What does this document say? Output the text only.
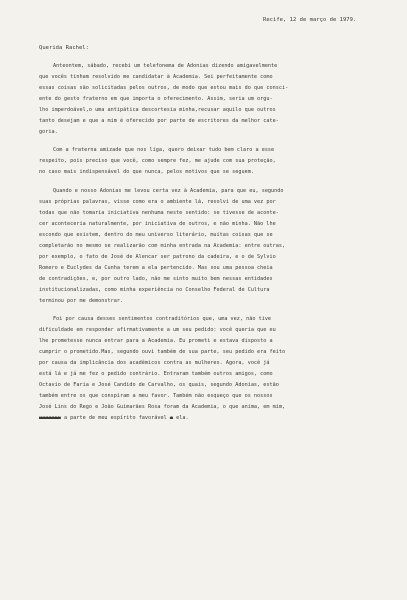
Recife, 12 de março de 1979.
Querida Rachel:
Anteontem, sábado, recebi um telefonema de Adonias dizendo amigavelmente
que vocês tinham resolvido me candidatar à Academia. Sei perfeitamente como
essas coisas são solicitadas pelos outros, de modo que estou mais do que consci-
ente do gesto fraterno em que importa o oferecimento. Assim, seria um orgu-
lho imperdoável,o uma antipática descortesia minha,recusar aquilo que outros
tanto desejam e que a mim é oferecido por parte de escritores da melhor cate-
goria.
Com a fraterna amizade que nos liga, quero deixar tudo bem claro a esse
respeito, pois preciso que você, como sempre fez, me ajude com sua proteção,
no caso mais indispensável do que nunca, pelos motivos que se seguem.
Quando e nosso Adonias me levou certa vez à Academia, para que eu, segundo
suas próprias palavras, visse como era o ambiente lá, resolvi de uma vez por
todas que não tomaria iniciativa nenhuma neste sentido: se tivesse de aconte-
cer aconteceria naturalmente, por iniciativa de outros, e não minha. Não lhe
escondo que existem, dentro do meu universo literário, muitas coisas que se
completarão no mesmo se realizarão com minha entrada na Academia: entre outras,
por exemplo, o fato de José de Alencar ser patrono da cadeira, e o de Sylvio
Romero e Euclydes da Cunha terem a ela pertencido. Mas sou uma pessoa cheia
de contradições, e, por outro lado, não me sinto muito bem nessas entidades
institucionalizadas, como minha experiência no Conselho Federal de Cultura
terminou por me demonstrar.
Foi por causa desses sentimentos contraditórios que, uma vez, não tive
dificuldade em responder afirmativamente a um seu pedido: você queria que eu
lhe prometesse nunca entrar para a Academia. Eu prometi e estava disposto a
cumprir o prometido.Mas, segundo ouvi também de sua parte, seu pedido era feito
por causa da implicância dos acadêmicos contra as mulheres. Agora, você já
está lá e já me fez o pedido contrário. Entraram também outros amigos, como
Octavio de Faria e José Candido de Carvalho, os quais, segundo Adonias, estão
também entre os que conspiram a meu favor. Também não esqueço que os nossos
José Lins do Rego e João Guimarães Rosa foram da Academia, o que anima, em mim,
xxxxxxx a parte de meu espírito favorável a ela.
